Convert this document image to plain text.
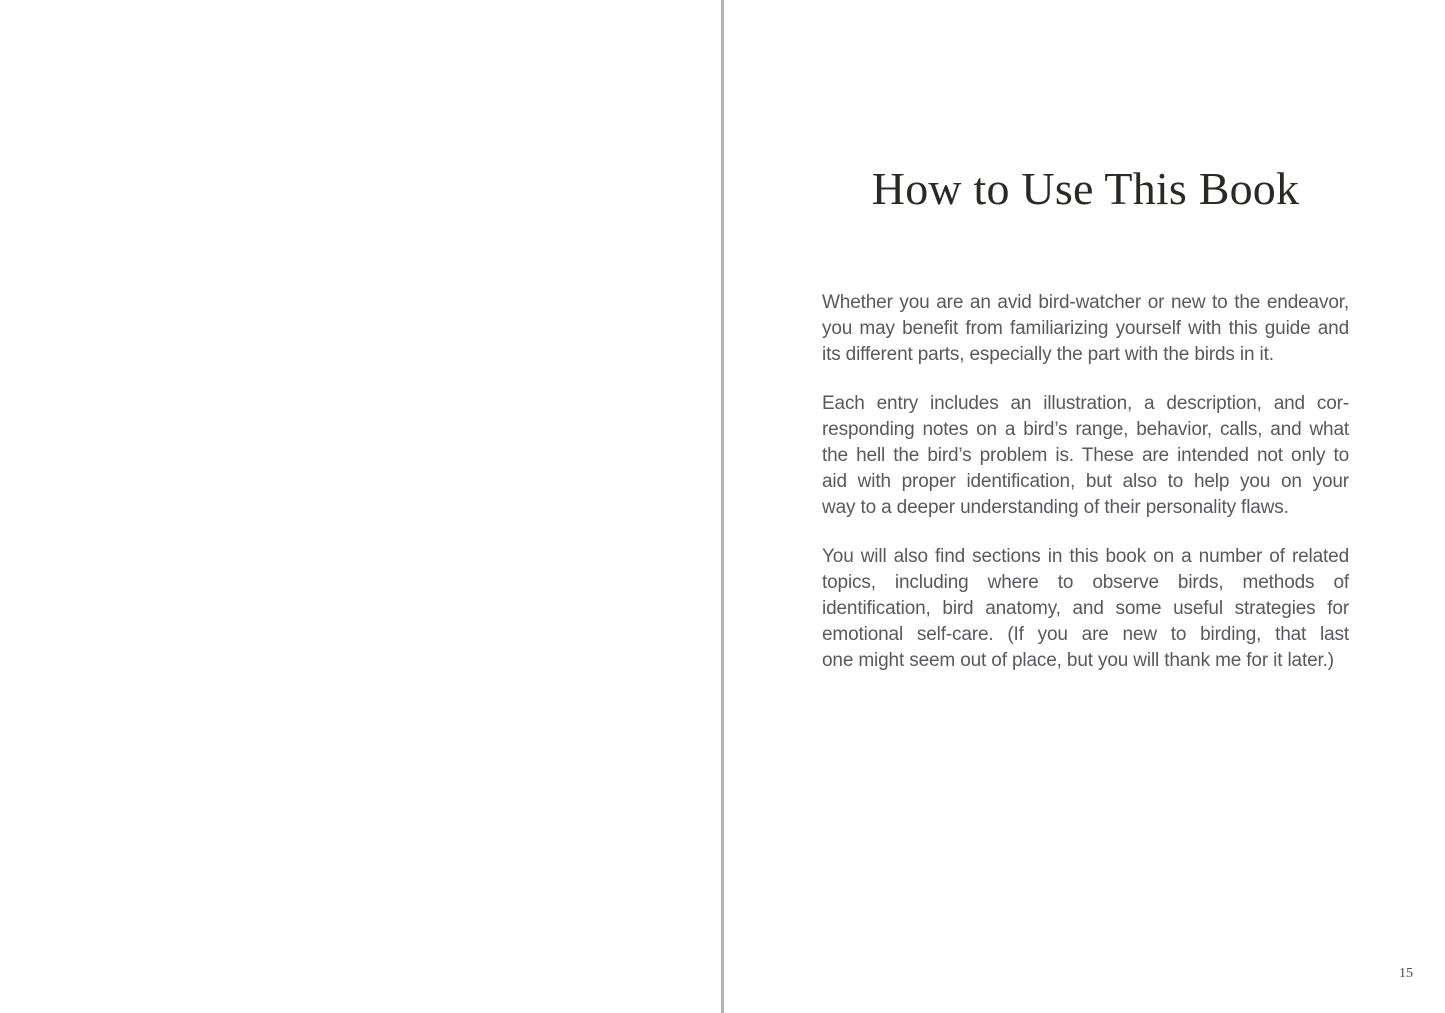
How to Use This Book

Whether you are an avid bird-watcher or new to the endeavor,
you may benefit from familiarizing yourself with this guide and
its different parts, especially the part with the birds in it.

Each entry includes an illustration, a description, and cor-
responding notes on a bird’s range, behavior, calls, and what
the hell the bird’s problem is. These are intended not only to
aid with proper identification, but also to help you on your
way to a deeper understanding of their personality flaws.

You will also find sections in this book on a number of related
topics, including where to observe birds, methods of
identification, bird anatomy, and some useful strategies for
emotional self-care. (If you are new to birding, that last
one might seem out of place, but you will thank me for it later.)

15
